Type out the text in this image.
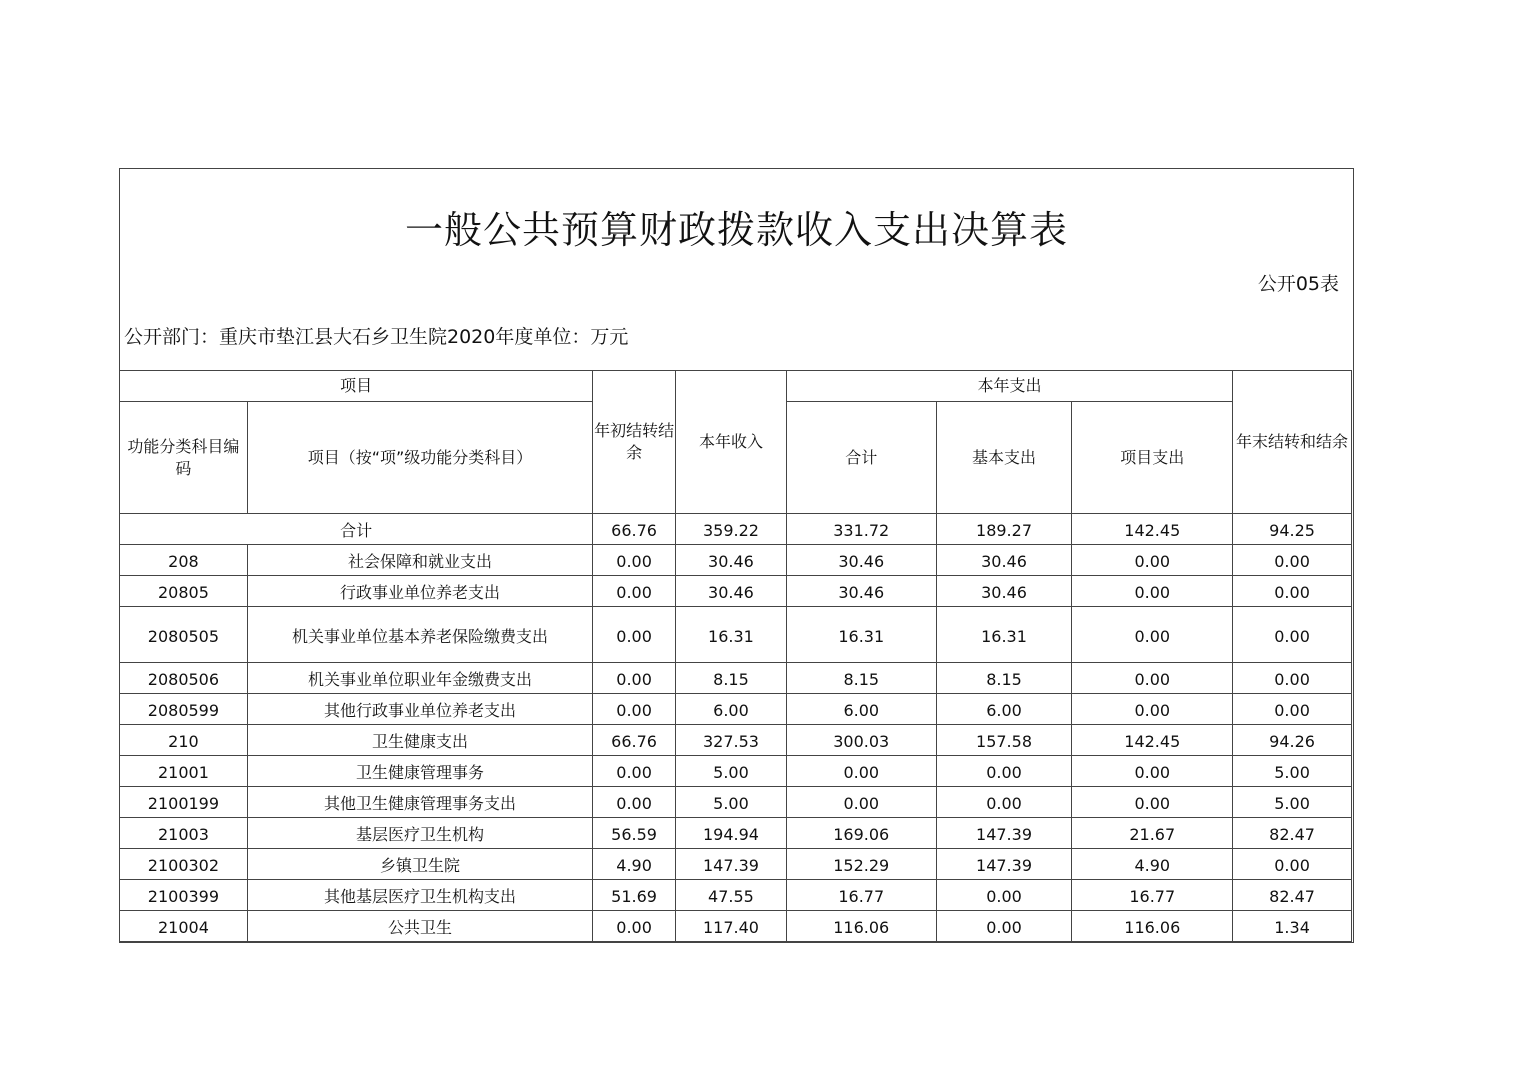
一般公共预算财政拨款收入支出决算表
公开05表
公开部门：重庆市垫江县大石乡卫生院2020年度单位：万元
项目		年初结转结余	本年收入	本年支出			年末结转和结余
功能分类科目编码	项目（按“项”级功能分类科目）			合计	基本支出	项目支出	
合计		66.76	359.22	331.72	189.27	142.45	94.25
208	社会保障和就业支出	0.00	30.46	30.46	30.46	0.00	0.00
20805	行政事业单位养老支出	0.00	30.46	30.46	30.46	0.00	0.00
2080505	机关事业单位基本养老保险缴费支出	0.00	16.31	16.31	16.31	0.00	0.00
2080506	机关事业单位职业年金缴费支出	0.00	8.15	8.15	8.15	0.00	0.00
2080599	其他行政事业单位养老支出	0.00	6.00	6.00	6.00	0.00	0.00
210	卫生健康支出	66.76	327.53	300.03	157.58	142.45	94.26
21001	卫生健康管理事务	0.00	5.00	0.00	0.00	0.00	5.00
2100199	其他卫生健康管理事务支出	0.00	5.00	0.00	0.00	0.00	5.00
21003	基层医疗卫生机构	56.59	194.94	169.06	147.39	21.67	82.47
2100302	乡镇卫生院	4.90	147.39	152.29	147.39	4.90	0.00
2100399	其他基层医疗卫生机构支出	51.69	47.55	16.77	0.00	16.77	82.47
21004	公共卫生	0.00	117.40	116.06	0.00	116.06	1.34
